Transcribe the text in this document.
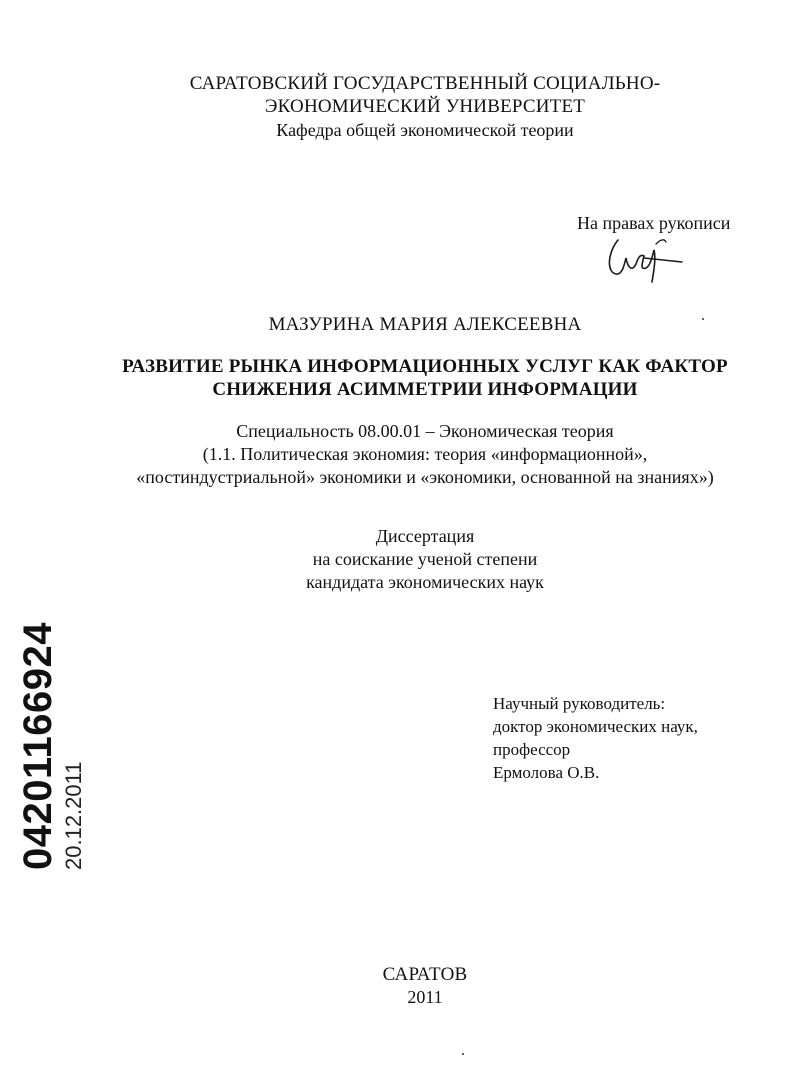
САРАТОВСКИЙ ГОСУДАРСТВЕННЫЙ СОЦИАЛЬНО-
ЭКОНОМИЧЕСКИЙ УНИВЕРСИТЕТ
Кафедра общей экономической теории
На правах рукописи
МАЗУРИНА МАРИЯ АЛЕКСЕЕВНА
РАЗВИТИЕ РЫНКА ИНФОРМАЦИОННЫХ УСЛУГ КАК ФАКТОР
СНИЖЕНИЯ АСИММЕТРИИ ИНФОРМАЦИИ
Специальность 08.00.01 – Экономическая теория
(1.1. Политическая экономия: теория «информационной»,
«постиндустриальной» экономики и «экономики, основанной на знаниях»)
Диссертация
на соискание ученой степени
кандидата экономических наук
04201166924 20.12.2011
Научный руководитель:
доктор экономических наук,
профессор
Ермолова О.В.
САРАТОВ
2011
